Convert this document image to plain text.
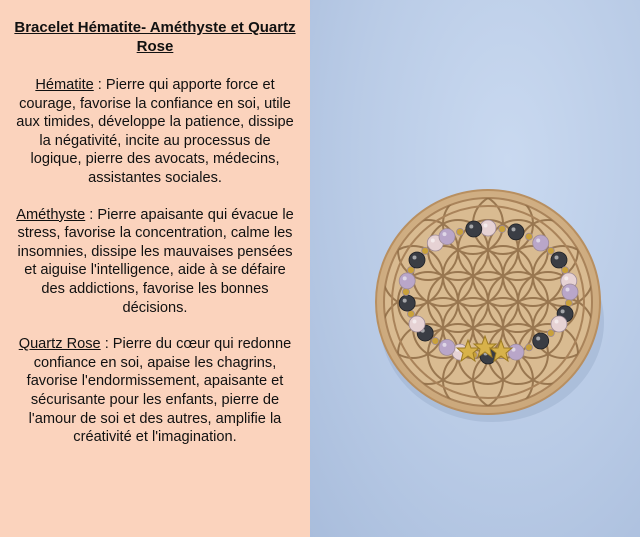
Bracelet Hématite- Améthyste et Quartz Rose
Hématite : Pierre qui apporte force et courage, favorise la confiance en soi, utile aux timides, développe la patience, dissipe la négativité, incite au processus de logique, pierre des avocats, médecins, assistantes sociales.
Améthyste : Pierre apaisante qui évacue le stress, favorise la concentration, calme les insomnies, dissipe les mauvaises pensées et aiguise l'intelligence, aide à se défaire des addictions, favorise les bonnes décisions.
Quartz Rose : Pierre du cœur qui redonne confiance en soi, apaise les chagrins, favorise l'endormissement, apaisante et sécurisante pour les enfants, pierre de l'amour de soi et des autres, amplifie la créativité et l'imagination.
